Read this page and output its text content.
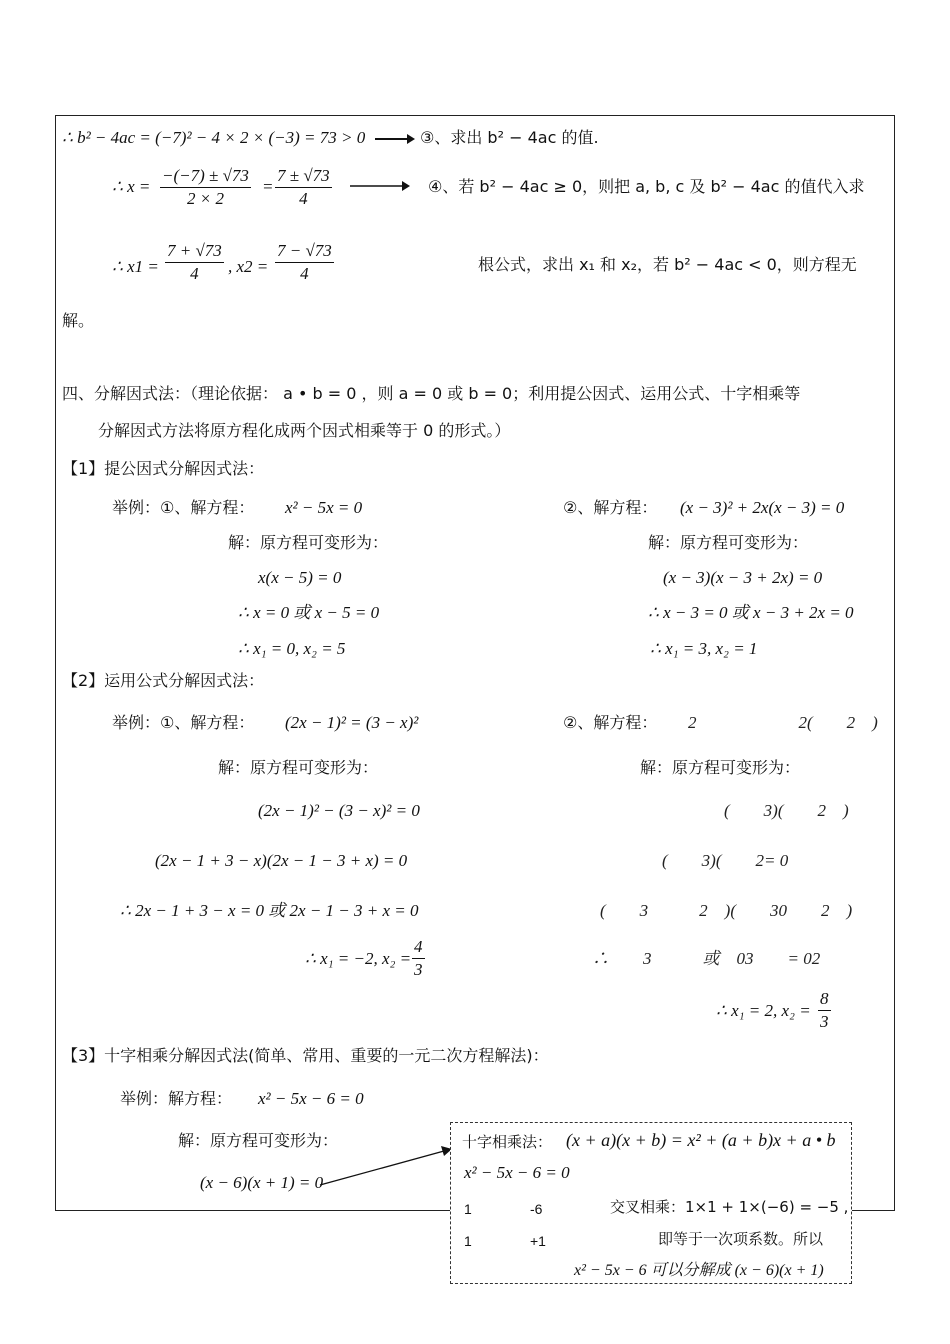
∴ b² − 4ac = (−7)² − 4 × 2 × (−3) = 73 > 0	③、求出 b² − 4ac 的值.
∴ $x = \frac{-(-7) \pm √73}{2 \times 2} = \frac{7 \pm √73}{4}$	④、若 b² − 4ac ≥ 0，则把 a, b, c 及 b² − 4ac 的值代入求
∴ $x1 = \frac{7 + √73}{4}$ , $x2 = \frac{7 - √73}{4}$	根公式，求出 x₁ 和 x₂，若 b² − 4ac < 0，则方程无
解。
四、分解因式法：（理论依据： a • b = 0 ，则 a = 0 或 b = 0；利用提公因式、运用公式、十字相乘等
分解因式方法将原方程化成两个因式相乘等于 0 的形式。）
【1】提公因式分解因式法：
举例：①、解方程： x² − 5x = 0
解：原方程可变形为：
x(x − 5) = 0
∴ x = 0 或 x − 5 = 0
∴ x₁ = 0, x₂ = 5
②、解方程： (x − 3)² + 2x(x − 3) = 0
解：原方程可变形为：
(x − 3)(x − 3 + 2x) = 0
∴ x − 3 = 0 或 x − 3 + 2x = 0
∴ x₁ = 3, x₂ = 1
【2】运用公式分解因式法：
举例：①、解方程： (2x − 1)² = (3 − x)²
解：原方程可变形为：
(2x − 1)² − (3 − x)² = 0
(2x − 1 + 3 − x)(2x − 1 − 3 + x) = 0
∴ 2x − 1 + 3 − x = 0 或 2x − 1 − 3 + x = 0
∴ x₁ = −2, $x_2 = \frac{4}{3}$
②、解方程： 2　　　　　　2(　　2　)
解：原方程可变形为：
(　　3)(　　2　)
(　　3)(　　2= 0
(　　3　　　2　)(　　30　　2　)
∴　　3　　　或　03　　= 02
∴ x₁ = 2, $x_2 = \frac{8}{3}$
【3】十字相乘分解因式法(简单、常用、重要的一元二次方程解法)：
举例：解方程： x² − 5x − 6 = 0
解：原方程可变形为：
(x − 6)(x + 1) = 0
十字相乘法： (x + a)(x + b) = x² + (a + b)x + a • b
x² − 5x − 6 = 0
1	-6
1	+1
交叉相乘：1×1 + 1×(−6) = −5 ,
即等于一次项系数。所以
x² − 5x − 6 可以分解成 (x − 6)(x + 1)
